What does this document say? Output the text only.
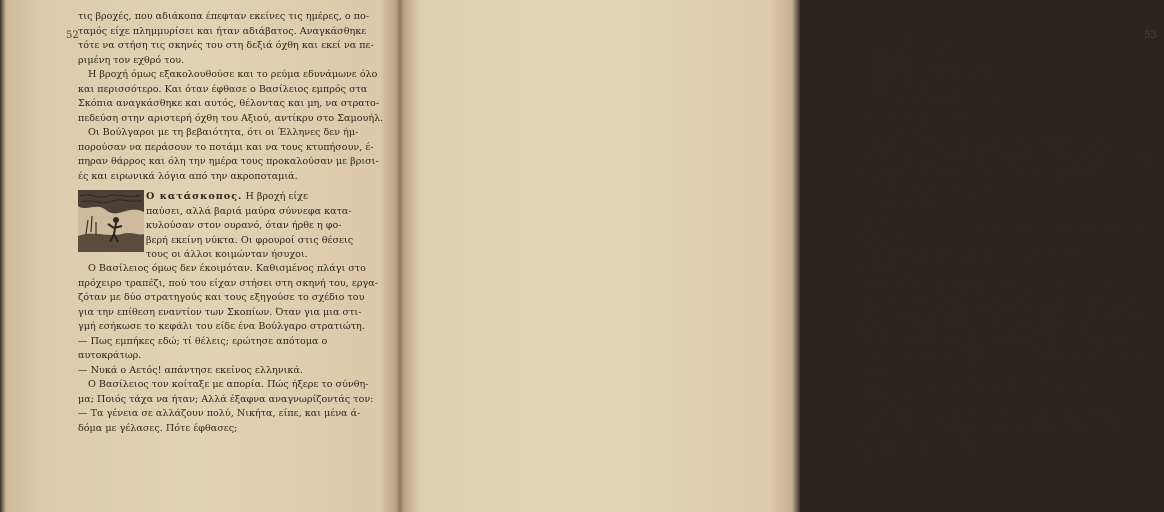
52

τις βροχές, που αδιάκοπα έπεφταν εκείνες τις ημέρες, ο πο-

ταμός είχε πλημμυρίσει και ήταν αδιάβατος. Αναγκάσθηκε

τότε να στήση τις σκηνές του στη δεξιά όχθη και εκεί να πε-

ριμένη τον εχθρό του.

Η βροχή όμως εξακολουθούσε και το ρεύμα εδυνάμωνε όλο

και περισσότερο. Και όταν έφθασε ο Βασίλειος εμπρός στα

Σκόπια αναγκάσθηκε και αυτός, θέλοντας και μη, να στρατο-

πεδεύση στην αριστερή όχθη του Αξιού, αντίκρυ στο Σαμουήλ.

Οι Βούλγαροι με τη βεβαιότητα, ότι οι Έλληνες δεν ήμ-

πορούσαν να περάσουν το ποτάμι και να τους κτυπήσουν, έ-

πηραν θάρρος και όλη την ημέρα τους προκαλούσαν με βρισι-

ές και ειρωνικά λόγια από την ακροποταμιά.

Ο κατάσκοπος. Η βροχή είχε

παύσει, αλλά βαριά μαύρα σύννεφα κατα-

κυλούσαν στον ουρανό, όταν ήρθε η φο-

βερή εκείνη νύκτα. Οι φρουροί στις θέσεις

τους οι άλλοι κοιμώνταν ήσυχοι.

Ο Βασίλειος όμως δεν έκοιμόταν. Καθισμένος πλάγι στο

πρόχειρο τραπέζι, πού του είχαν στήσει στη σκηνή του, εργα-

ζόταν με δύο στρατηγούς και τους εξηγούσε το σχέδιο του

για την επίθεση εναντίον των Σκοπίων. Όταν για μια στι-

γμή εσήκωσε το κεφάλι του είδε ένα Βούλγαρο στρατιώτη.

— Πως εμπήκες εδώ; τί θέλεις; ερώτησε απότομα ο

αυτοκράτωρ.

— Νυκά ο Αετός! απάντησε εκείνος ελληνικά.

Ο Βασίλειος τον κοίταξε με απορία. Πώς ήξερε το σύνθη-

μα; Ποιός τάχα να ήταν; Αλλά έξαφνα αναγνωρίζοντάς τον:

— Τα γένεια σε αλλάζουν πολύ, Νικήτα, είπε, και μένα ά-

δόμα με γέλασες. Πότε έφθασες;

53

— Τώρα, Αύγουστε!

— Από πού έρχεσαι;

— Από την αντικρυνή όχθη.

— Επέρασες με βάρκα;

— Όχι, Δέσποτα! Επέρασα πεζός.

Ο αυτοκράτωρ αναπήδησε.

— Τί; εφώναξε.

— Δυό μέρες τό γύρευα. Σήμερα τό εύρηκα και ήρθα νά

σού τό είπω, Δέσποτα. Έξω από το στρατόπεδο, πλάγι στην

Κοφτή Πέτρα είναι πέρασμα' είναι μιά ρηχοτοπιά.

— Και το εχθρικό στρατόπεδο;

— Κοιμάται, Αύγουστε!

Ο Βασίλειος ακούγοντας αυτά γύρισε και είπε στους στρα-

τηγούς του.

— Η επανάληψη του Σπερχειού να ετοιμάσετε αμέσως

τους άνδρες σας.

Και έννοούσε τη μάχη του Σπερχειού στά 995, όταν ο

στρατηγός του Νικηφόρος Ουρανός εύρηκε έναν πόρο, πέρασε

στην άλλη όχθη του πλημμυρισμένου ποταμού τη νύκτα και

κατάκοψε τον κοιμισμένο στρατό του Σαμουήλ.

Οι δυό στρατηγοί βγήκαν βιαστικοί και ο αυτοκράτωρ

διέταξε ένα υπασπιστή του να φωνάξη τον Ευστάθιο Δαφνο-

μήλη.

Ως τόσο εξέταζε το Νικήτα. Σε δυό λεπτά, και ο

στρατηγός.

— Με ζήτησες, Δέσποτα; ερώτησε ο Δαφνομήλης μπαί-

νοντας στη βασιλική σκηνή και με υποψία εκοίταξε τη βουλ-

γαρική στολή του Νικήτα.

Ο Βασίλειος εγέλασε.
